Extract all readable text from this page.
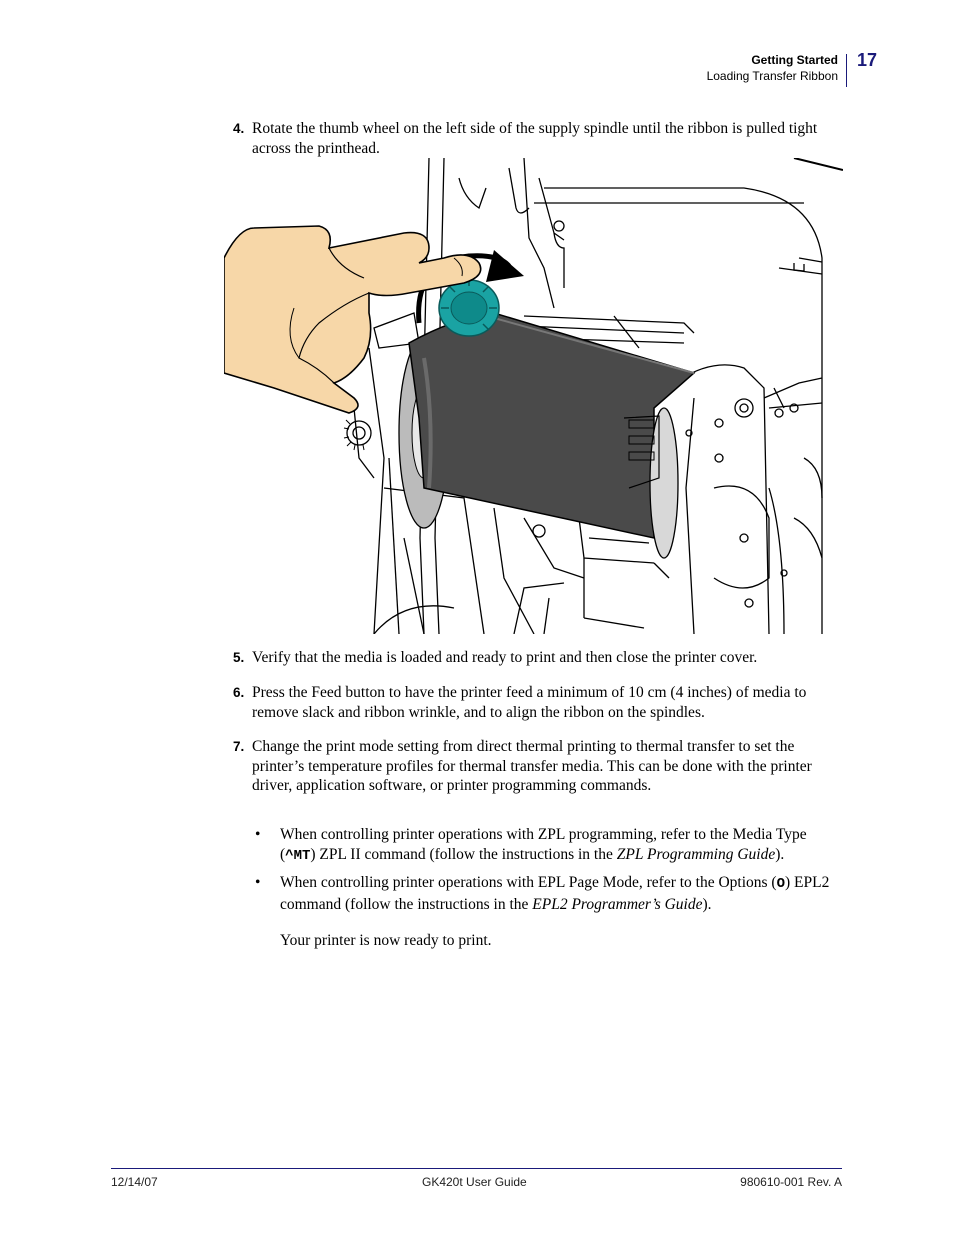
Getting Started
Loading Transfer Ribbon
17
4. Rotate the thumb wheel on the left side of the supply spindle until the ribbon is pulled tight across the printhead.
5. Verify that the media is loaded and ready to print and then close the printer cover.
6. Press the Feed button to have the printer feed a minimum of 10 cm (4 inches) of media to remove slack and ribbon wrinkle, and to align the ribbon on the spindles.
7. Change the print mode setting from direct thermal printing to thermal transfer to set the printer’s temperature profiles for thermal transfer media. This can be done with the printer driver, application software, or printer programming commands.
• When controlling printer operations with ZPL programming, refer to the Media Type (^MT) ZPL II command (follow the instructions in the ZPL Programming Guide).
• When controlling printer operations with EPL Page Mode, refer to the Options (O) EPL2 command (follow the instructions in the EPL2 Programmer’s Guide).
Your printer is now ready to print.
12/14/07	GK420t User Guide	980610-001 Rev. A
